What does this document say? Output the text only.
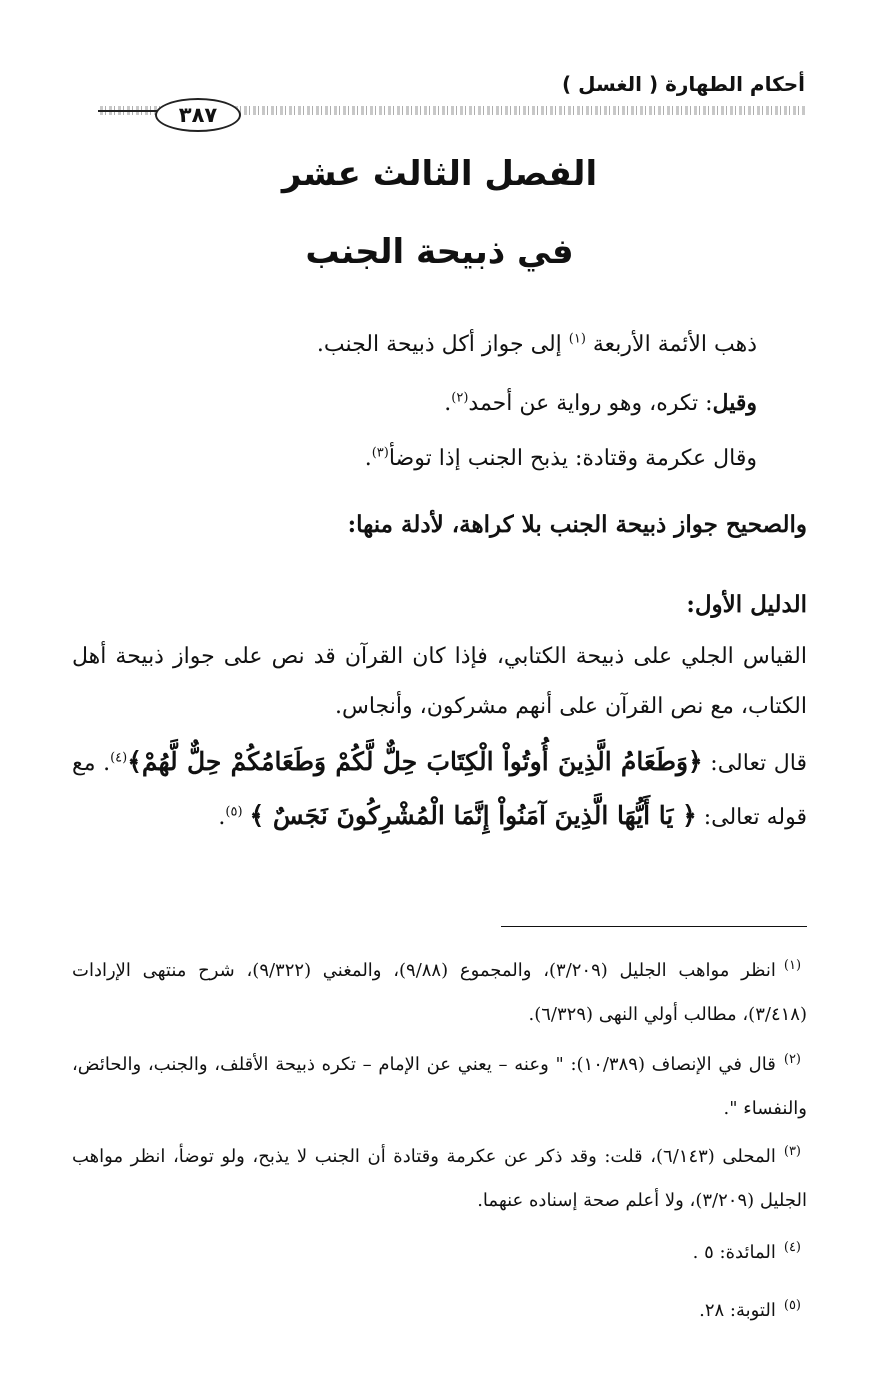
أحكام الطهارة ( الغسل )
٣٨٧
الفصل الثالث عشر
في ذبيحة الجنب
ذهب الأئمة الأربعة $^{(١)}$ إلى جواز أكل ذبيحة الجنب.
وقيل: تكره، وهو رواية عن أحمد$^{(٢)}$.
وقال عكرمة وقتادة: يذبح الجنب إذا توضأ$^{(٣)}$.
والصحيح جواز ذبيحة الجنب بلا كراهة، لأدلة منها:
الدليل الأول:
القياس الجلي على ذبيحة الكتابي، فإذا كان القرآن قد نص على جواز ذبيحة أهل الكتاب، مع نص القرآن على أنهم مشركون، وأنجاس.
قال تعالى: ﴿وَطَعَامُ الَّذِينَ أُوتُواْ الْكِتَابَ حِلٌّ لَّكُمْ وَطَعَامُكُمْ حِلٌّ لَّهُمْ﴾$^{(٤)}$. مع قوله تعالى: ﴿ يَا أَيُّهَا الَّذِينَ آمَنُواْ إِنَّمَا الْمُشْرِكُونَ نَجَسٌ ﴾ $^{(٥)}$.
$^{(١)}$انظر مواهب الجليل (٣/٢٠٩)، والمجموع (٩/٨٨)، والمغني (٩/٣٢٢)، شرح منتهى الإرادات (٣/٤١٨)، مطالب أولي النهى (٦/٣٢٩).
$^{(٢)}$قال في الإنصاف (١٠/٣٨٩): " وعنه – يعني عن الإمام – تكره ذبيحة الأقلف، والجنب، والحائض، والنفساء ".
$^{(٣)}$المحلى (٦/١٤٣)، قلت: وقد ذكر عن عكرمة وقتادة أن الجنب لا يذبح، ولو توضأ، انظر مواهب الجليل (٣/٢٠٩)، ولا أعلم صحة إسناده عنهما.
$^{(٤)}$المائدة: ٥ .
$^{(٥)}$التوبة: ٢٨.
